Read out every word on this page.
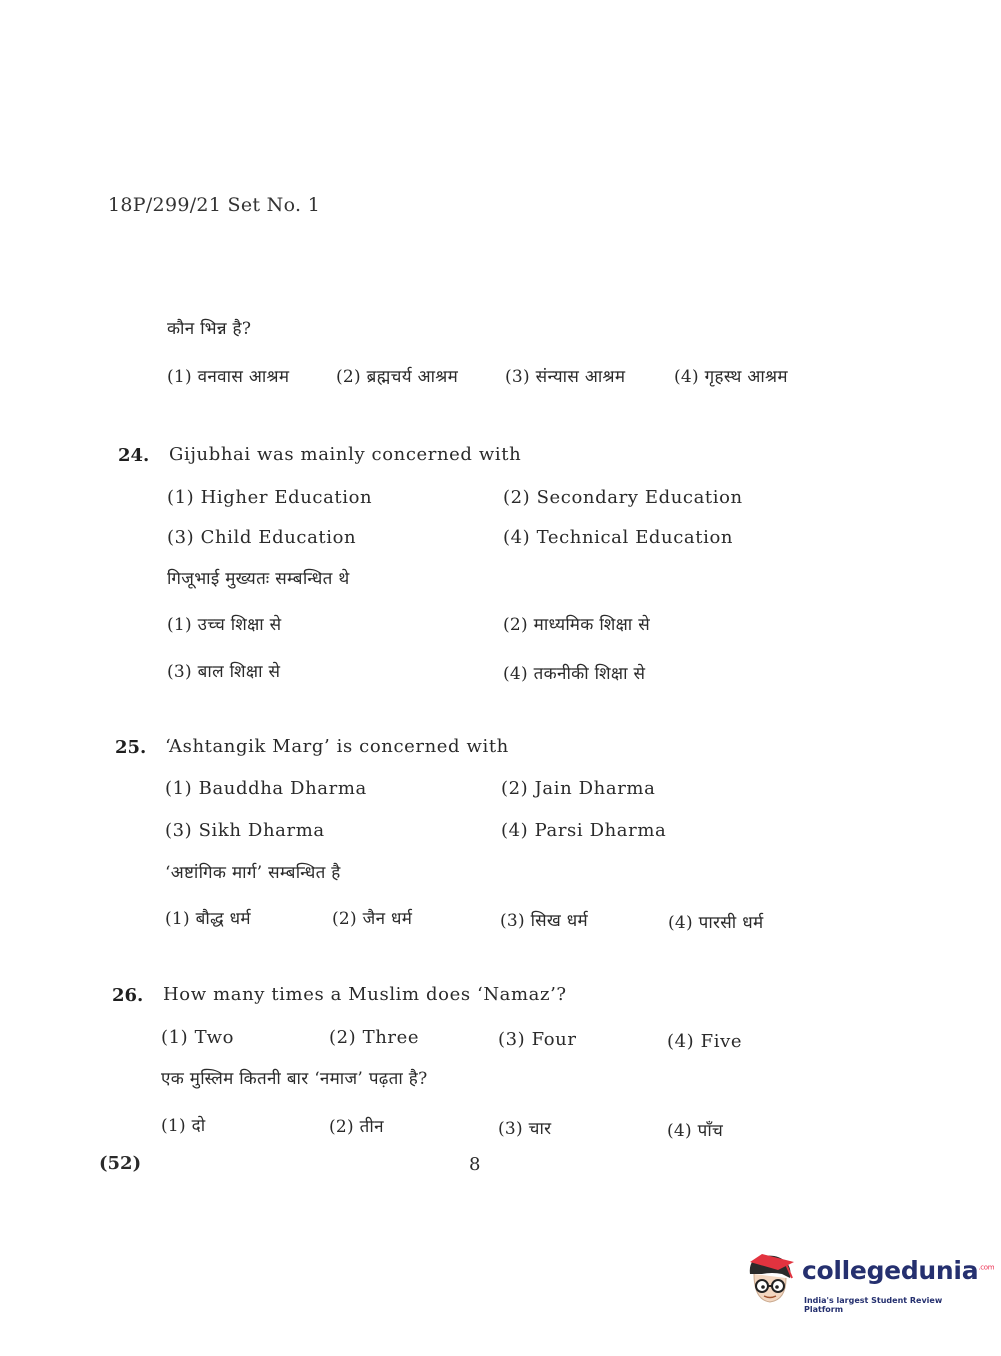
18P/299/21 Set No. 1
कौन भिन्न है?
(1) वनवास आश्रम	(2) ब्रह्मचर्य आश्रम	(3) संन्यास आश्रम	(4) गृहस्थ आश्रम
24. Gijubhai was mainly concerned with
(1) Higher Education	(2) Secondary Education
(3) Child Education	(4) Technical Education
गिजूभाई मुख्यतः सम्बन्धित थे
(1) उच्च शिक्षा से	(2) माध्यमिक शिक्षा से
(3) बाल शिक्षा से	(4) तकनीकी शिक्षा से
25. ‘Ashtangik Marg’ is concerned with
(1) Bauddha Dharma	(2) Jain Dharma
(3) Sikh Dharma	(4) Parsi Dharma
‘अष्टांगिक मार्ग’ सम्बन्धित है
(1) बौद्ध धर्म	(2) जैन धर्म	(3) सिख धर्म	(4) पारसी धर्म
26. How many times a Muslim does ‘Namaz’?
(1) Two	(2) Three	(3) Four	(4) Five
एक मुस्लिम कितनी बार ‘नमाज’ पढ़ता है?
(1) दो	(2) तीन	(3) चार	(4) पाँच
(52)	8
collegedunia$^{.com}$
India's largest Student Review Platform
